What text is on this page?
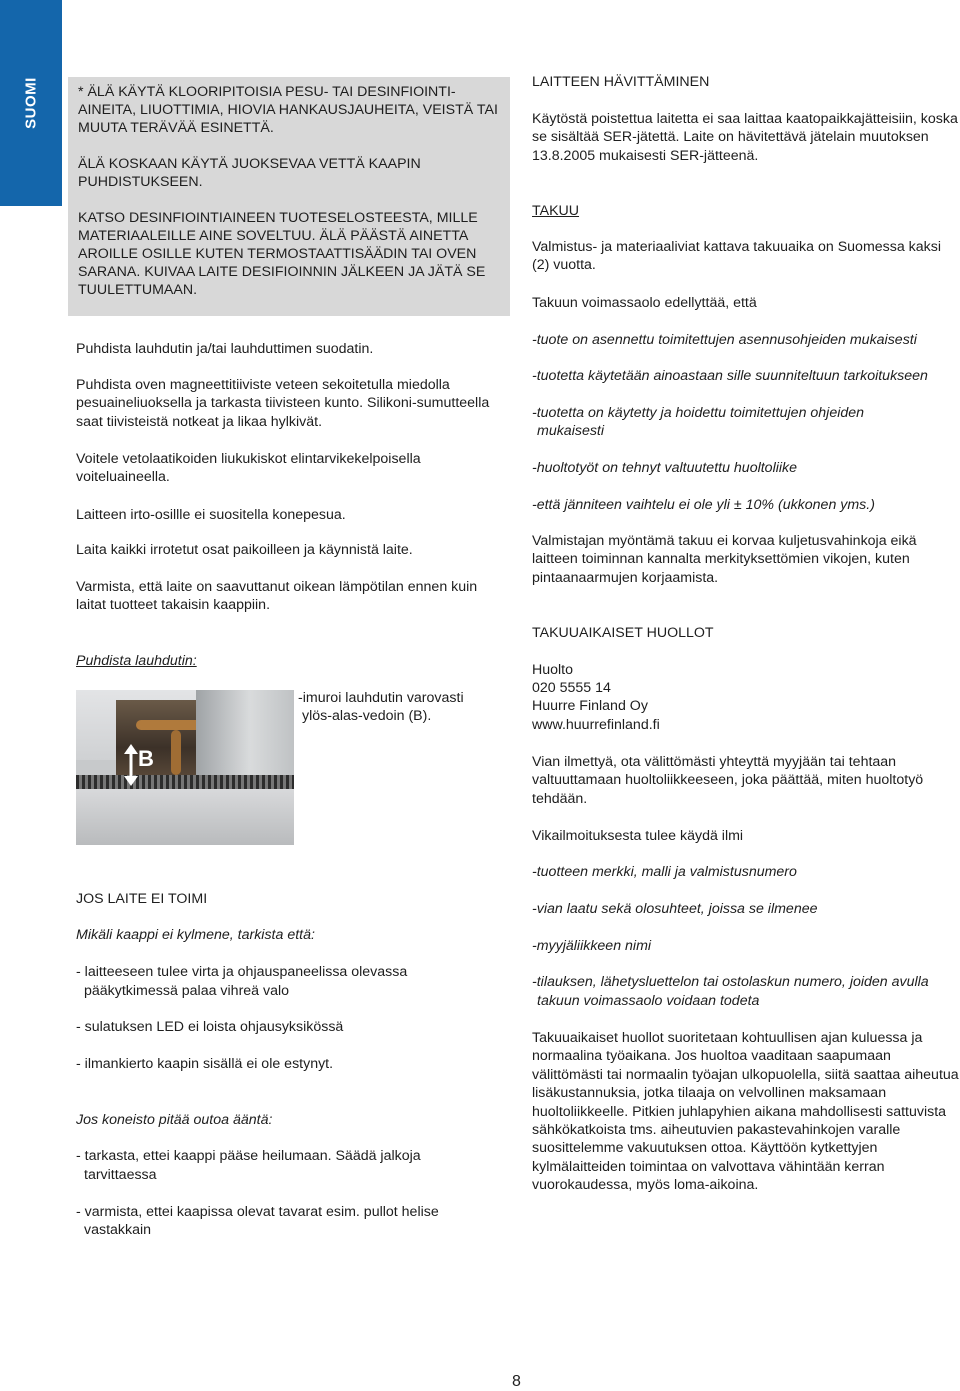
SUOMI	* ÄLÄ KÄYTÄ KLOORIPITOISIA PESU- TAI DESINFIOINTI-AINEITA, LIUOTTIMIA, HIOVIA HANKAUSJAUHEITA, VEISTÄ TAI MUUTA TERÄVÄÄ ESINETTÄ.

ÄLÄ KOSKAAN KÄYTÄ JUOKSEVAA VETTÄ KAAPIN PUHDISTUKSEEN.

KATSO DESINFIOINTIAINEEN TUOTESELOSTEESTA, MILLE MATERIAALEILLE AINE SOVELTUU. ÄLÄ PÄÄSTÄ AINETTA AROILLE OSILLE KUTEN TERMOSTAATTISÄÄDIN TAI OVEN SARANA. KUIVAA LAITE DESIFIOINNIN JÄLKEEN JA JÄTÄ SE TUULETTUMAAN.

Puhdista lauhdutin ja/tai lauhduttimen suodatin.

Puhdista oven magneettitiiviste veteen sekoitetulla miedolla pesuaineliuoksella ja tarkasta tiivisteen kunto. Silikoni-sumutteella saat tiivisteistä notkeat ja likaa hylkivät.

Voitele vetolaatikoiden liukukiskot elintarvikekelpoisella voiteluaineella.

Laitteen irto-osillle ei suositella konepesua.

Laita kaikki irrotetut osat paikoilleen ja käynnistä laite.

Varmista, että laite on saavuttanut oikean lämpötilan ennen kuin laitat tuotteet takaisin kaappiin.

Puhdista lauhdutin:

-imuroi lauhdutin varovasti

ylös-alas-vedoin (B).

JOS LAITE EI TOIMI

Mikäli kaappi ei kylmene, tarkista että:

- laitteeseen tulee virta ja ohjauspaneelissa olevassa

pääkytkimessä palaa vihreä valo

- sulatuksen LED ei loista ohjausyksikössä

- ilmankierto kaapin sisällä ei ole estynyt.

Jos koneisto pitää outoa ääntä:

- tarkasta, ettei kaappi pääse heilumaan. Säädä jalkoja

tarvittaessa

- varmista, ettei kaapissa olevat tavarat esim. pullot helise

vastakkain

B

LAITTEEN HÄVITTÄMINEN

Käytöstä poistettua laitetta ei saa laittaa kaatopaikkajätteisiin, koska se sisältää SER-jätettä. Laite on hävitettävä jätelain muutoksen 13.8.2005 mukaisesti SER-jätteenä.

TAKUU

Valmistus- ja materiaaliviat kattava takuuaika on Suomessa kaksi (2) vuotta.

Takuun voimassaolo edellyttää, että

-tuote on asennettu toimitettujen asennusohjeiden mukaisesti

-tuotetta käytetään ainoastaan sille suunniteltuun tarkoitukseen

-tuotetta on käytetty ja hoidettu toimitettujen ohjeiden

mukaisesti

-huoltotyöt on tehnyt valtuutettu huoltoliike

-että jänniteen vaihtelu ei ole yli ± 10% (ukkonen yms.)

Valmistajan myöntämä takuu ei korvaa kuljetusvahinkoja eikä laitteen toiminnan kannalta merkityksettömien vikojen, kuten pintaanaarmujen korjaamista.

TAKUUAIKAISET HUOLLOT

Huolto

020 5555 14

Huurre Finland Oy

www.huurrefinland.fi

Vian ilmettyä, ota välittömästi yhteyttä myyjään tai tehtaan valtuuttamaan huoltoliikkeeseen, joka päättää, miten huoltotyö tehdään.

Vikailmoituksesta tulee käydä ilmi

-tuotteen merkki, malli ja valmistusnumero

-vian laatu sekä olosuhteet, joissa se ilmenee

-myyjäliikkeen nimi

-tilauksen, lähetysluettelon tai ostolaskun numero, joiden avulla

takuun voimassaolo voidaan todeta

Takuuaikaiset huollot suoritetaan kohtuullisen ajan kuluessa ja normaalina työaikana. Jos huoltoa vaaditaan saapumaan välittömästi tai normaalin työajan ulkopuolella, siitä saattaa aiheutua lisäkustannuksia, jotka tilaaja on velvollinen maksamaan huoltoliikkeelle. Pitkien juhlapyhien aikana mahdollisesti sattuvista sähkökatkoista tms. aiheutuvien pakastevahinkojen varalle suosittelemme vakuutuksen ottoa. Käyttöön kytkettyjen kylmälaitteiden toimintaa on valvottava vähintään kerran vuorokaudessa, myös loma-aikoina.

8
